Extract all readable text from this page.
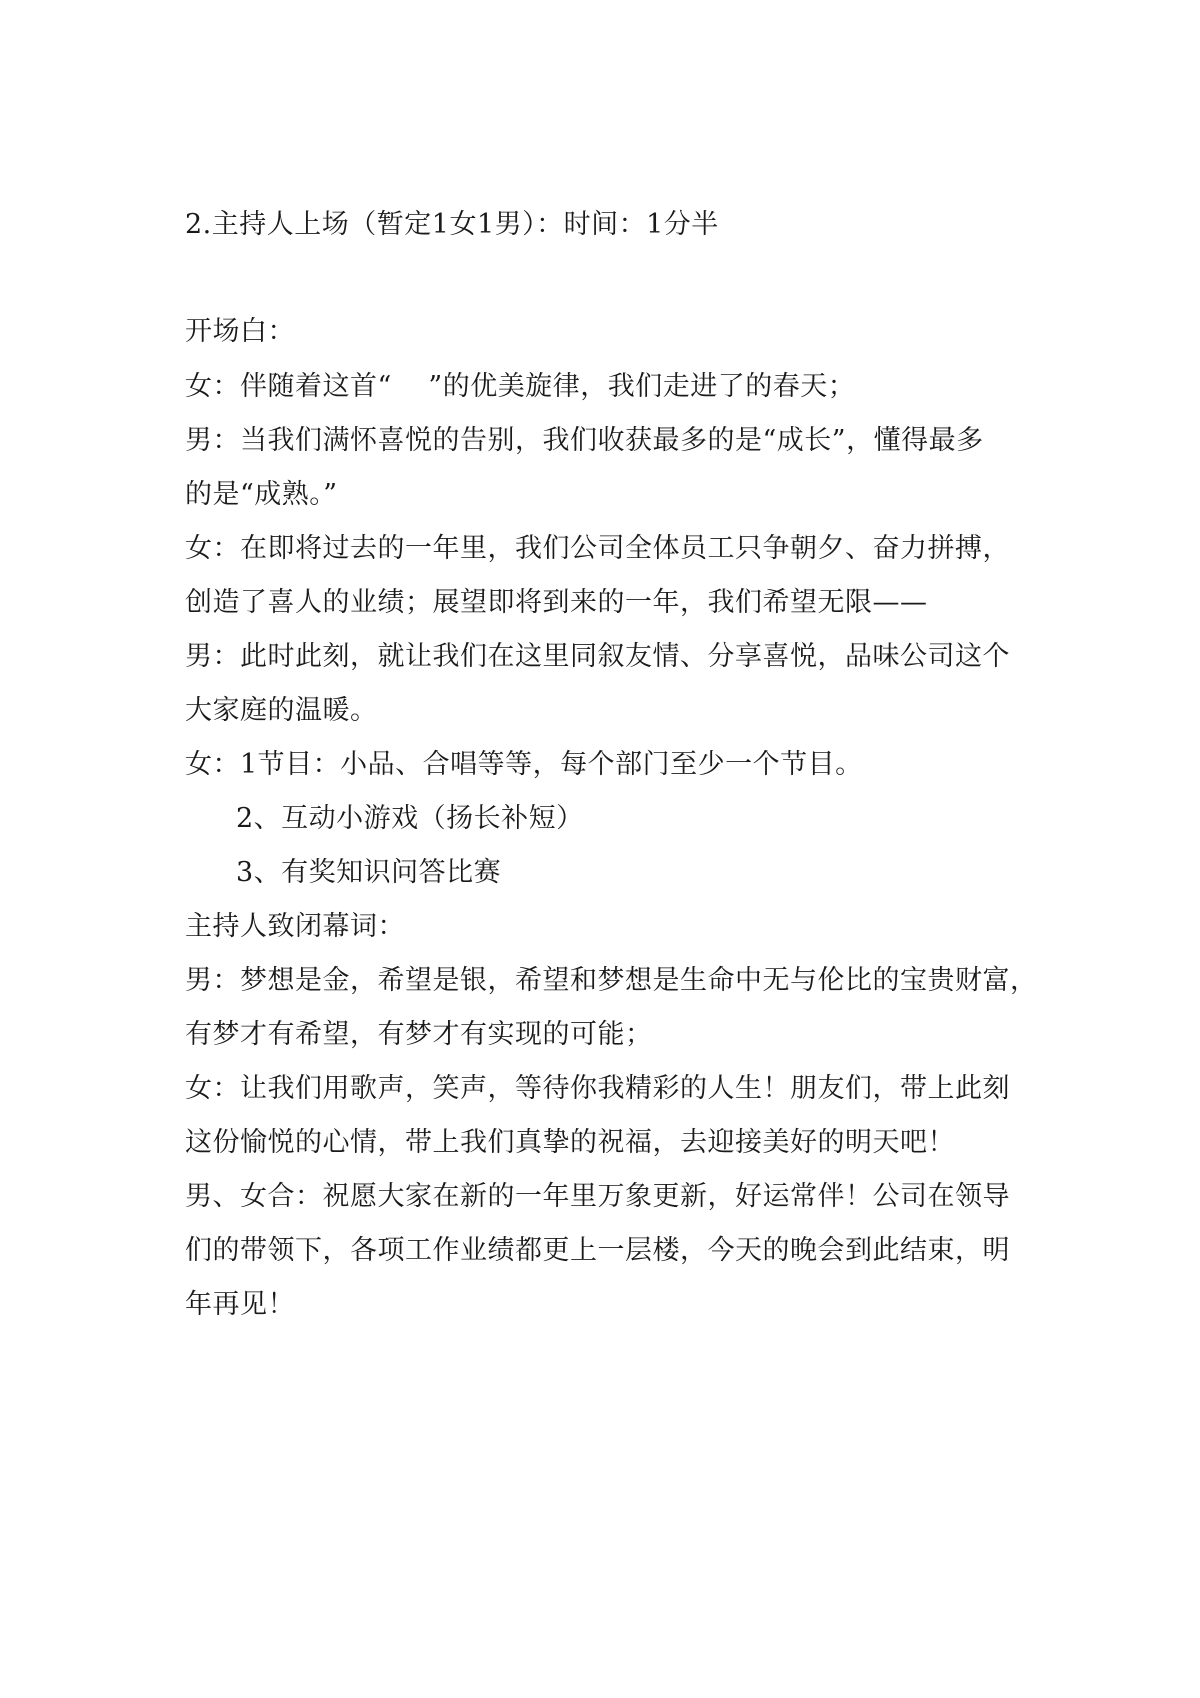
2.主持人上场（暂定1女1男）：时间：1分半
开场白：
女：伴随着这首“　 ”的优美旋律，我们走进了的春天；
男：当我们满怀喜悦的告别，我们收获最多的是“成长”，懂得最多
的是“成熟。”
女：在即将过去的一年里，我们公司全体员工只争朝夕、奋力拼搏，
创造了喜人的业绩；展望即将到来的一年，我们希望无限——
男：此时此刻，就让我们在这里同叙友情、分享喜悦，品味公司这个
大家庭的温暖。
女：1节目：小品、合唱等等，每个部门至少一个节目。
2、互动小游戏（扬长补短）
3、有奖知识问答比赛
主持人致闭幕词：
男：梦想是金，希望是银，希望和梦想是生命中无与伦比的宝贵财富，
有梦才有希望，有梦才有实现的可能；
女：让我们用歌声，笑声，等待你我精彩的人生！朋友们，带上此刻
这份愉悦的心情，带上我们真挚的祝福，去迎接美好的明天吧！
男、女合：祝愿大家在新的一年里万象更新，好运常伴！公司在领导
们的带领下，各项工作业绩都更上一层楼，今天的晚会到此结束，明
年再见！
